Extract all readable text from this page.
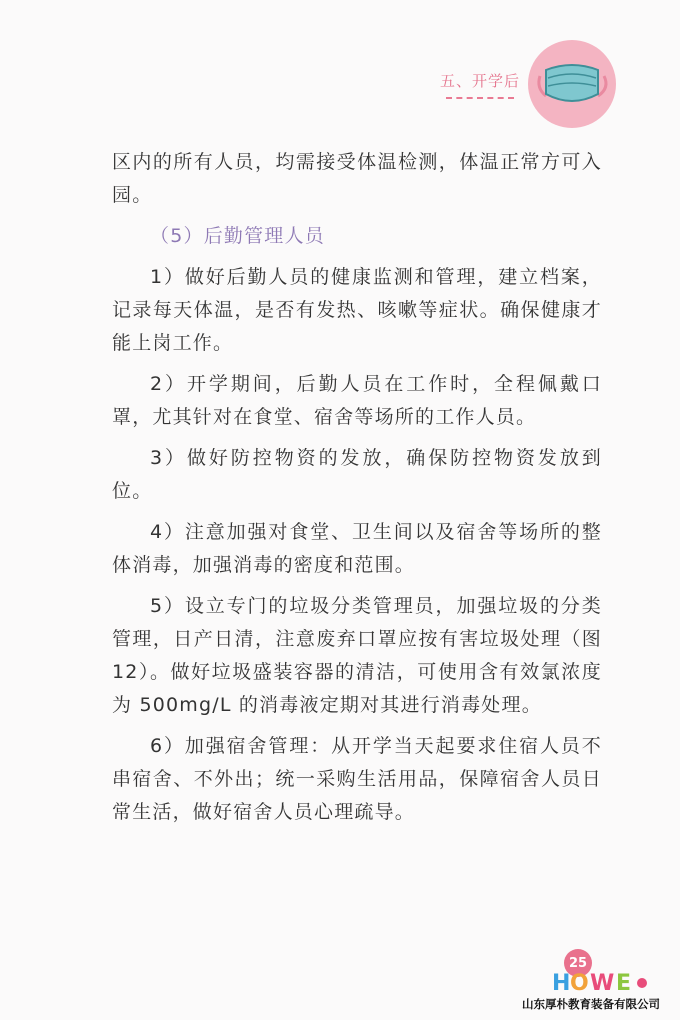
五、开学后

区内的所有人员，均需接受体温检测，体温正常方可入园。

（5）后勤管理人员

1）做好后勤人员的健康监测和管理，建立档案，记录每天体温，是否有发热、咳嗽等症状。确保健康才能上岗工作。

2）开学期间，后勤人员在工作时，全程佩戴口罩，尤其针对在食堂、宿舍等场所的工作人员。

3）做好防控物资的发放，确保防控物资发放到位。

4）注意加强对食堂、卫生间以及宿舍等场所的整体消毒，加强消毒的密度和范围。

5）设立专门的垃圾分类管理员，加强垃圾的分类管理，日产日清，注意废弃口罩应按有害垃圾处理（图12）。做好垃圾盛装容器的清洁，可使用含有效氯浓度为 500mg/L 的消毒液定期对其进行消毒处理。

6）加强宿舍管理：从开学当天起要求住宿人员不串宿舍、不外出；统一采购生活用品，保障宿舍人员日常生活，做好宿舍人员心理疏导。

25
H O W E
山东厚朴教育装备有限公司
